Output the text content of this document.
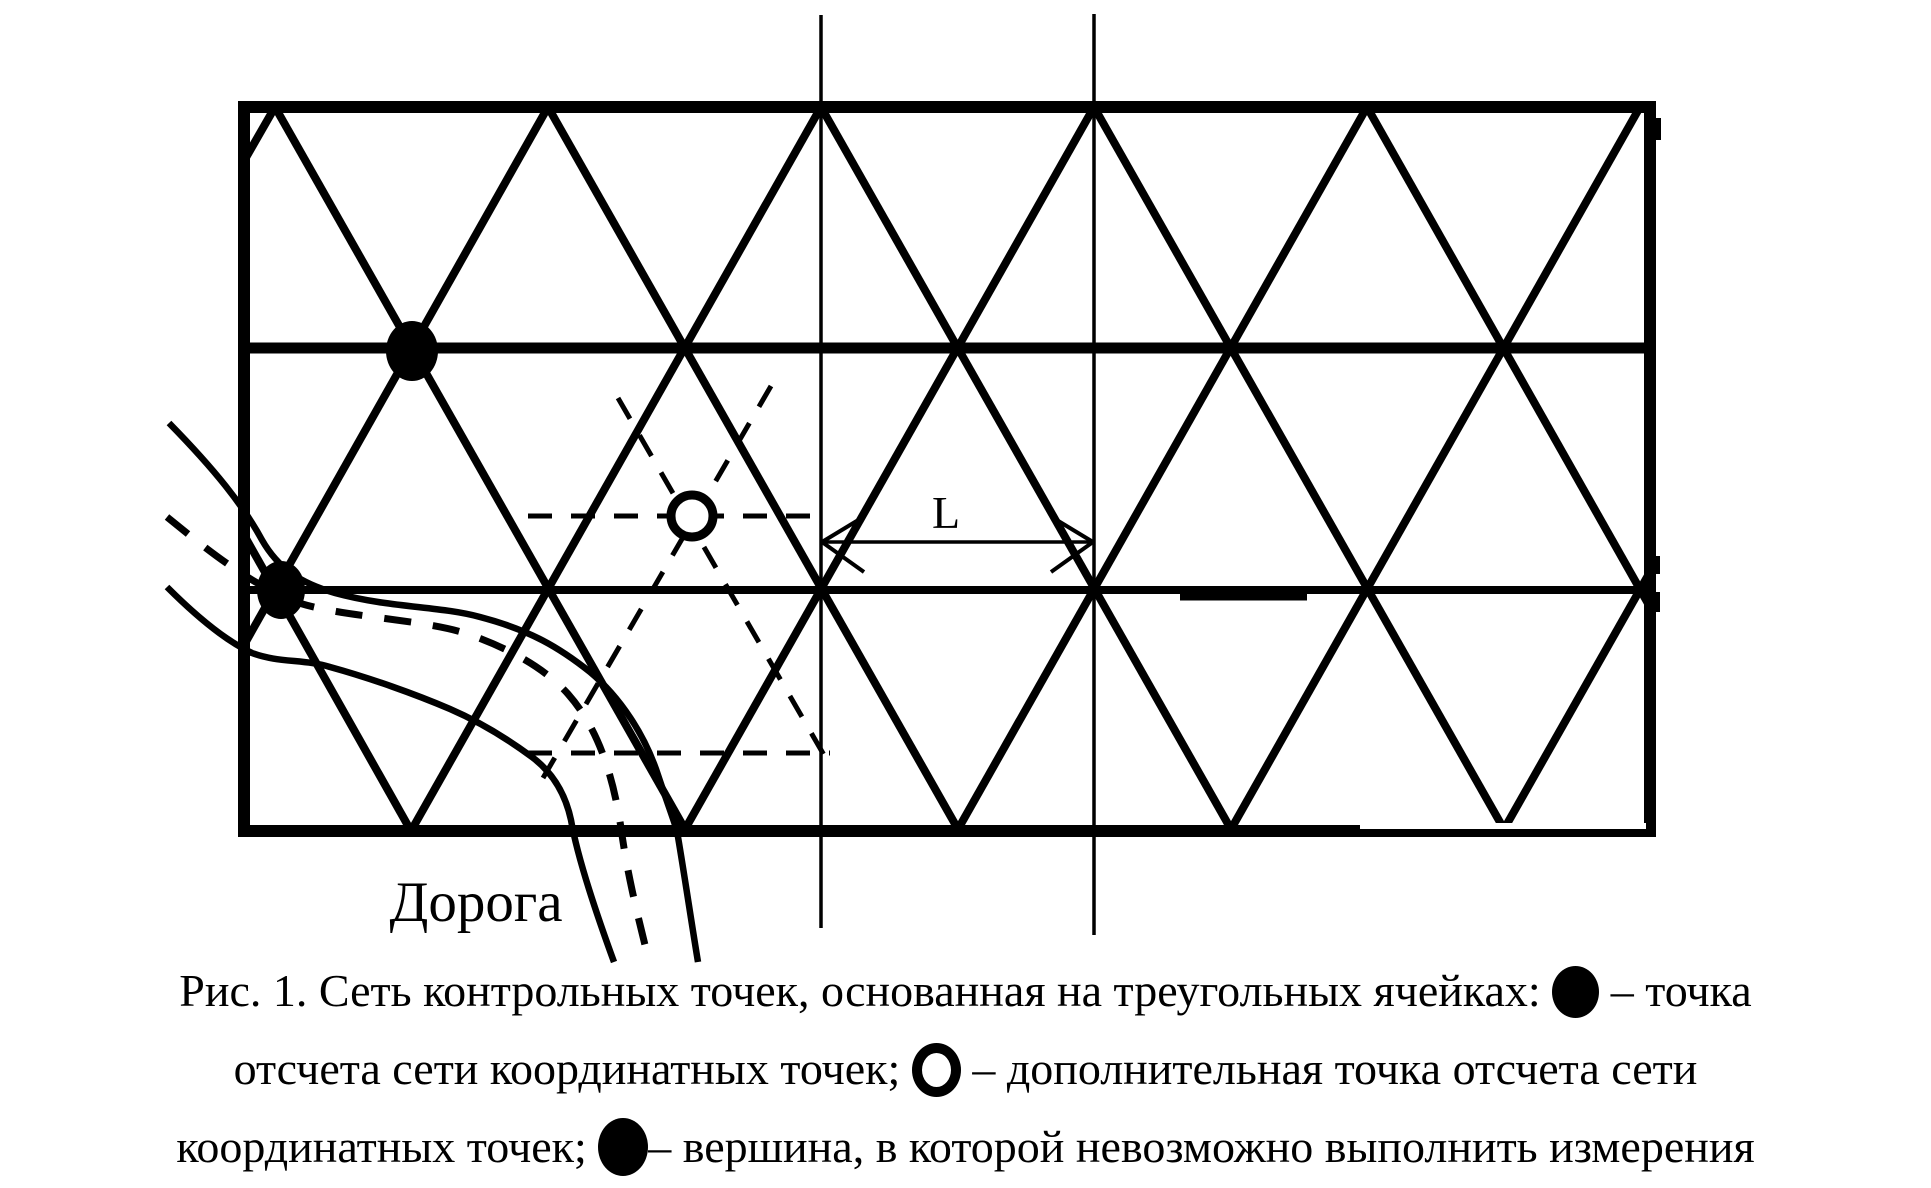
L
Дорога
Рис. 1. Сеть контрольных точек, основанная на треугольных ячейках:  – точка
отсчета сети координатных точек;  – дополнительная точка отсчета сети
координатных точек; – вершина, в которой невозможно выполнить измерения
